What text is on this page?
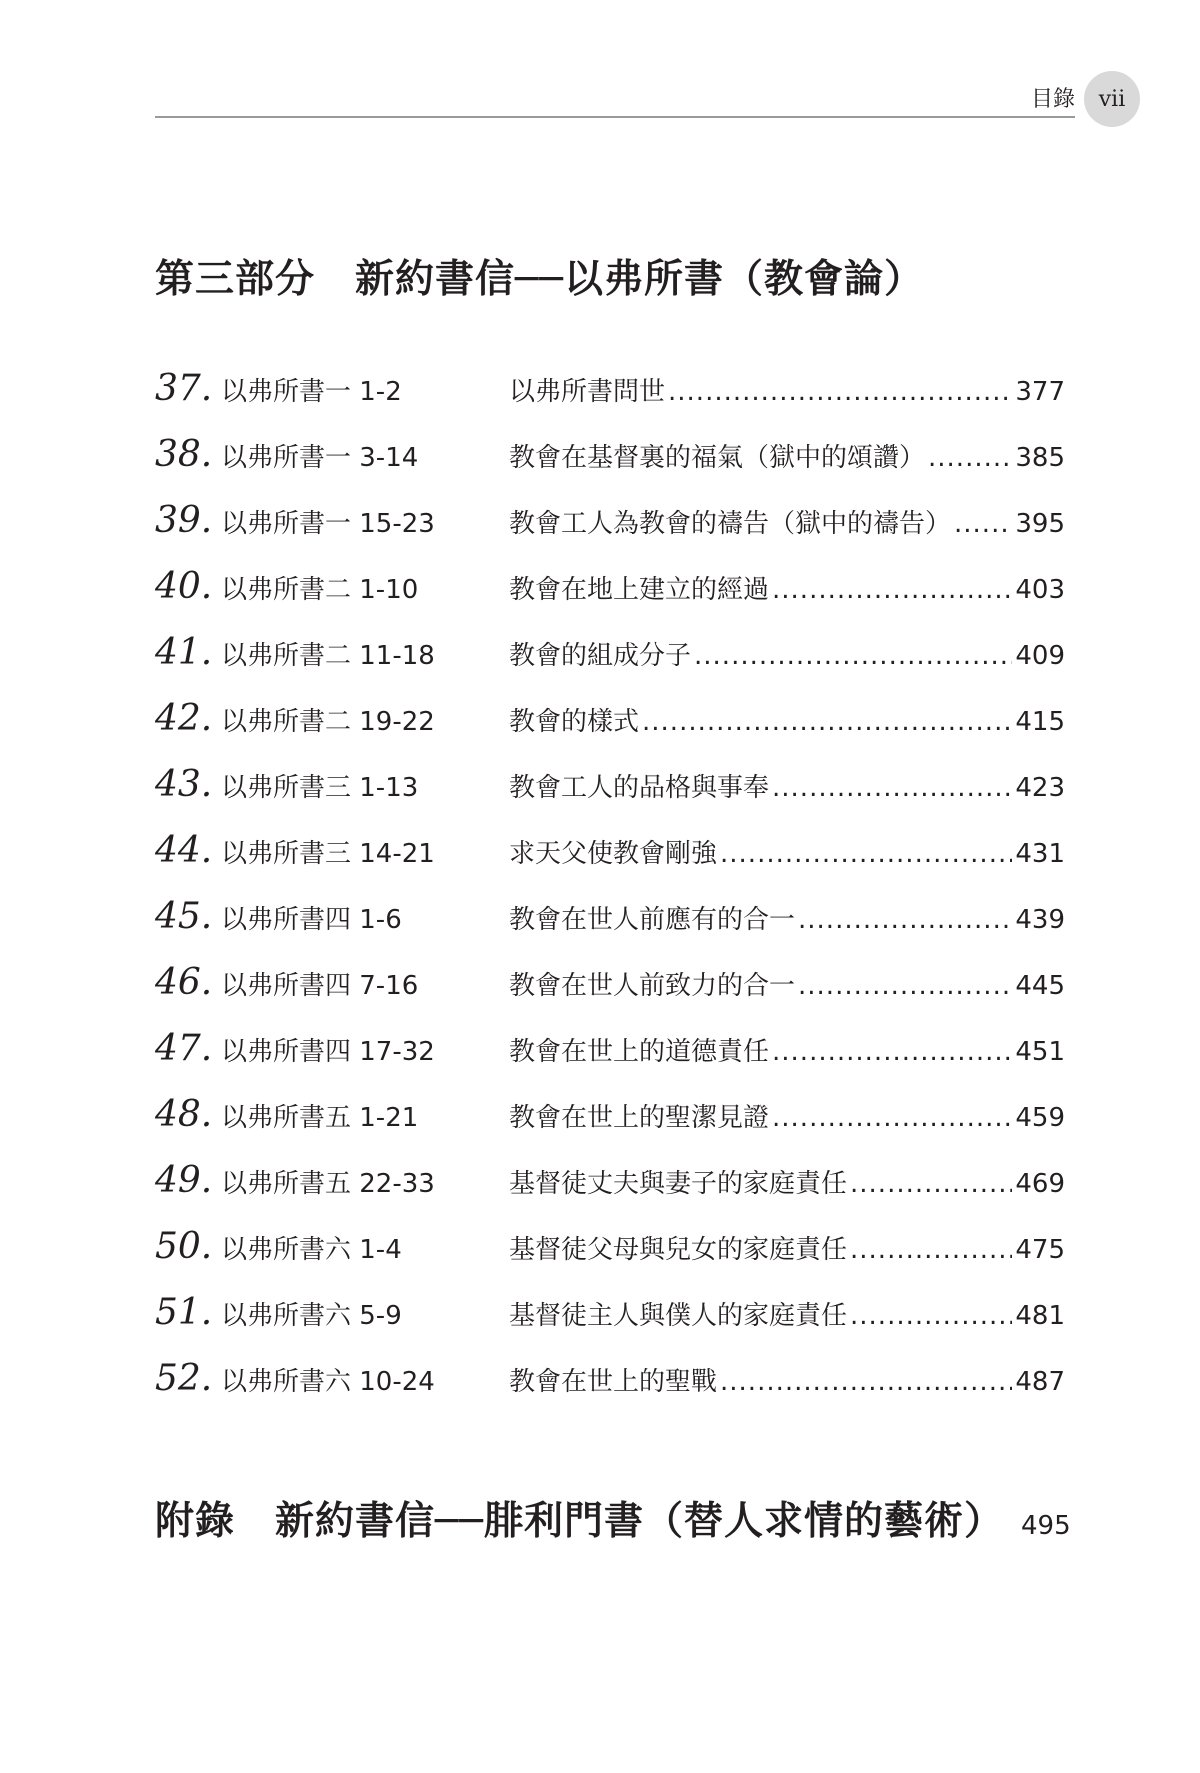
目錄	vii
第三部分 新約書信──以弗所書（教會論）
37. 以弗所書一 1-2	以弗所書問世 .....	377
38. 以弗所書一 3-14	教會在基督裏的福氣（獄中的頌讚） .....	385
39. 以弗所書一 15-23	教會工人為教會的禱告（獄中的禱告） ..... 395
40. 以弗所書二 1-10	教會在地上建立的經過 .....	403
41. 以弗所書二 11-18	教會的組成分子 .....	409
42. 以弗所書二 19-22	教會的樣式 .....	415
43. 以弗所書三 1-13	教會工人的品格與事奉 .....	423
44. 以弗所書三 14-21	求天父使教會剛強 .....	431
45. 以弗所書四 1-6	教會在世人前應有的合一 .....	439
46. 以弗所書四 7-16	教會在世人前致力的合一 .....	445
47. 以弗所書四 17-32	教會在世上的道德責任 .....	451
48. 以弗所書五 1-21	教會在世上的聖潔見證 .....	459
49. 以弗所書五 22-33	基督徒丈夫與妻子的家庭責任 .....	469
50. 以弗所書六 1-4	基督徒父母與兒女的家庭責任 .....	475
51. 以弗所書六 5-9	基督徒主人與僕人的家庭責任 .....	481
52. 以弗所書六 10-24	教會在世上的聖戰 .....	487
附錄 新約書信──腓利門書（替人求情的藝術） 495
